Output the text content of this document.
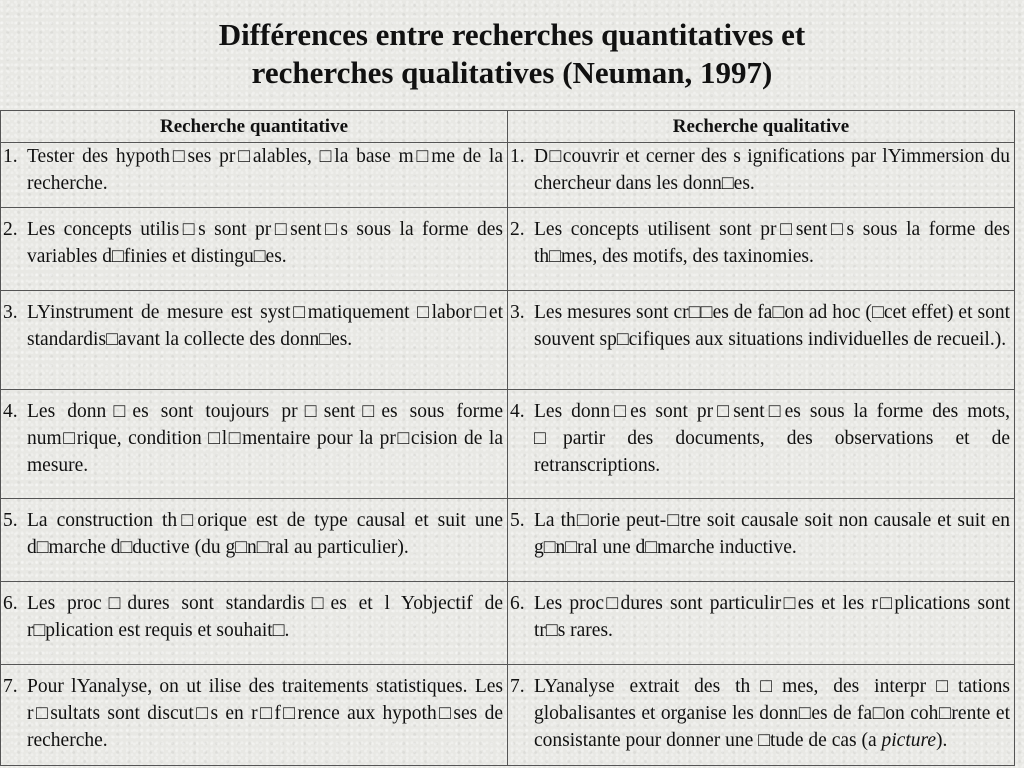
Différences entre recherches quantitatives et
recherches qualitatives (Neuman, 1997)
Recherche quantitative	Recherche qualitative

1. Tester des hypoth□ses pr□alables, □la base m□me de la recherche.	1. D□couvrir et cerner des s ignifications par lYimmersion du chercheur dans les donn□es.

2. Les concepts utilis□s sont pr□sent□s sous la forme des variables d□finies et distingu□es.	2. Les concepts utilisent sont pr□sent□s sous la forme des th□mes, des motifs, des taxinomies.

3. LYinstrument de mesure est syst□matiquement □labor□et standardis□avant la collecte des donn□es.	3. Les mesures sont cr□□es de fa□on ad hoc (□cet effet) et sont souvent sp□cifiques aux situations individuelles de recueil.).

4. Les donn□es sont toujours pr□sent□es sous forme num□rique, condition □l□mentaire pour la pr□cision de la mesure.	4. Les donn□es sont pr□sent□es sous la forme des mots, □partir des documents, des observations et de retranscriptions.

5. La construction th□orique est de type causal et suit une d□marche d□ductive (du g□n□ral au particulier).	5. La th□orie peut-□tre soit causale soit non causale et suit en g□n□ral une d□marche inductive.

6. Les proc□dures sont standardis□es et l Yobjectif de r□plication est requis et souhait□.	6. Les proc□dures sont particulir□es et les r□plications sont tr□s rares.

7. Pour lYanalyse, on ut ilise des traitements statistiques. Les r□sultats sont discut□s en r□f□rence aux hypoth□ses de recherche.	7. LYanalyse extrait des th□mes, des interpr□tations globalisantes et organise les donn□es de fa□on coh□rente et consistante pour donner une □tude de cas (a picture).
